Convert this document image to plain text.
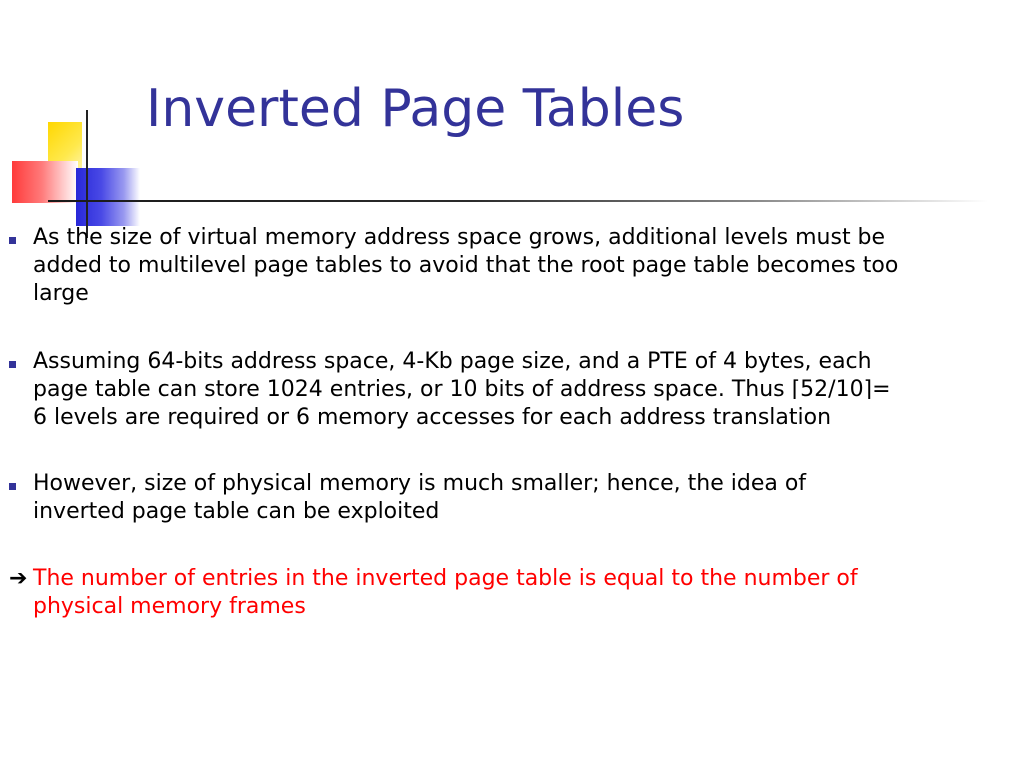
Inverted Page Tables
As the size of virtual memory address space grows, additional levels must be
added to multilevel page tables to avoid that the root page table becomes too
large
Assuming 64-bits address space, 4-Kb page size, and a PTE of 4 bytes, each
page table can store 1024 entries, or 10 bits of address space. Thus ⌈52/10⌉=
6 levels are required or 6 memory accesses for each address translation
However, size of physical memory is much smaller; hence, the idea of
inverted page table can be exploited
➔ The number of entries in the inverted page table is equal to the number of
physical memory frames
